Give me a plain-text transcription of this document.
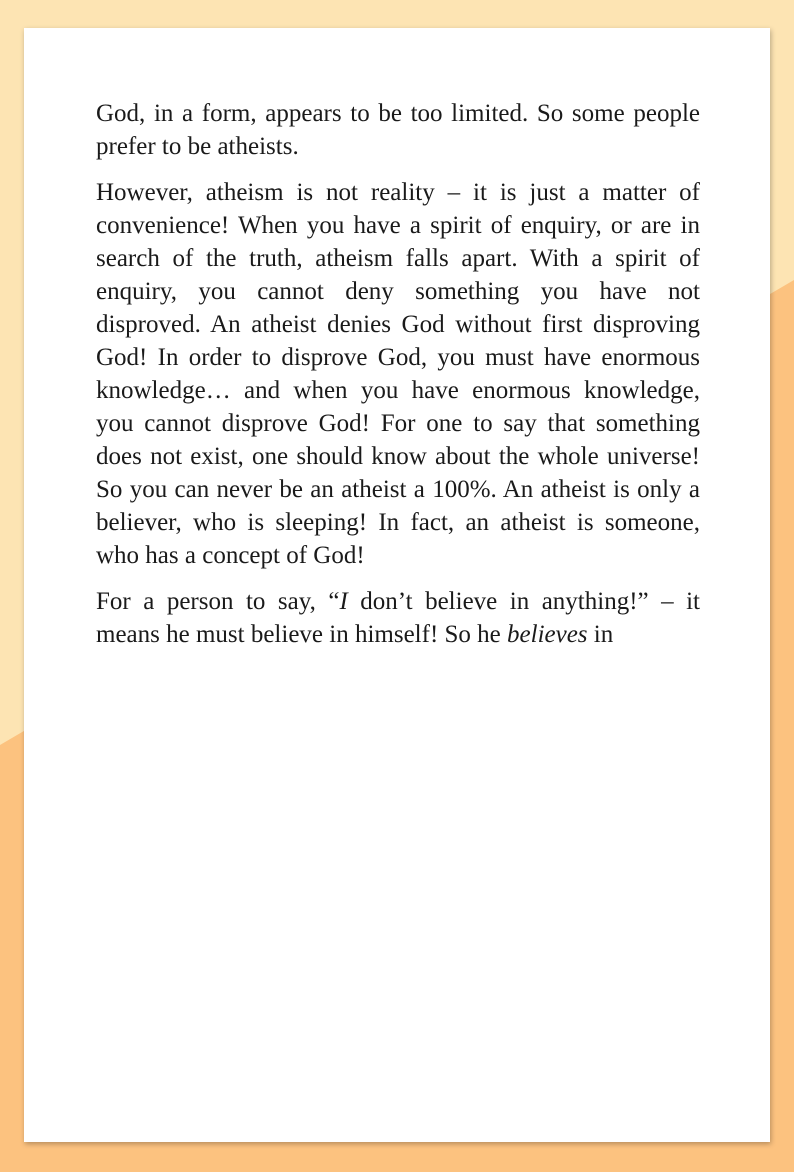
God, in a form, appears to be too limited. So some people prefer to be atheists.

However, atheism is not reality – it is just a matter of convenience! When you have a spirit of enquiry, or are in search of the truth, atheism falls apart. With a spirit of enquiry, you cannot deny something you have not disproved. An atheist denies God without first disproving God! In order to disprove God, you must have enormous knowledge… and when you have enormous knowledge, you cannot disprove God! For one to say that something does not exist, one should know about the whole universe! So you can never be an atheist a 100%. An atheist is only a believer, who is sleeping! In fact, an atheist is someone, who has a concept of God!

For a person to say, “I don’t believe in anything!” – it means he must believe in himself! So he believes in
